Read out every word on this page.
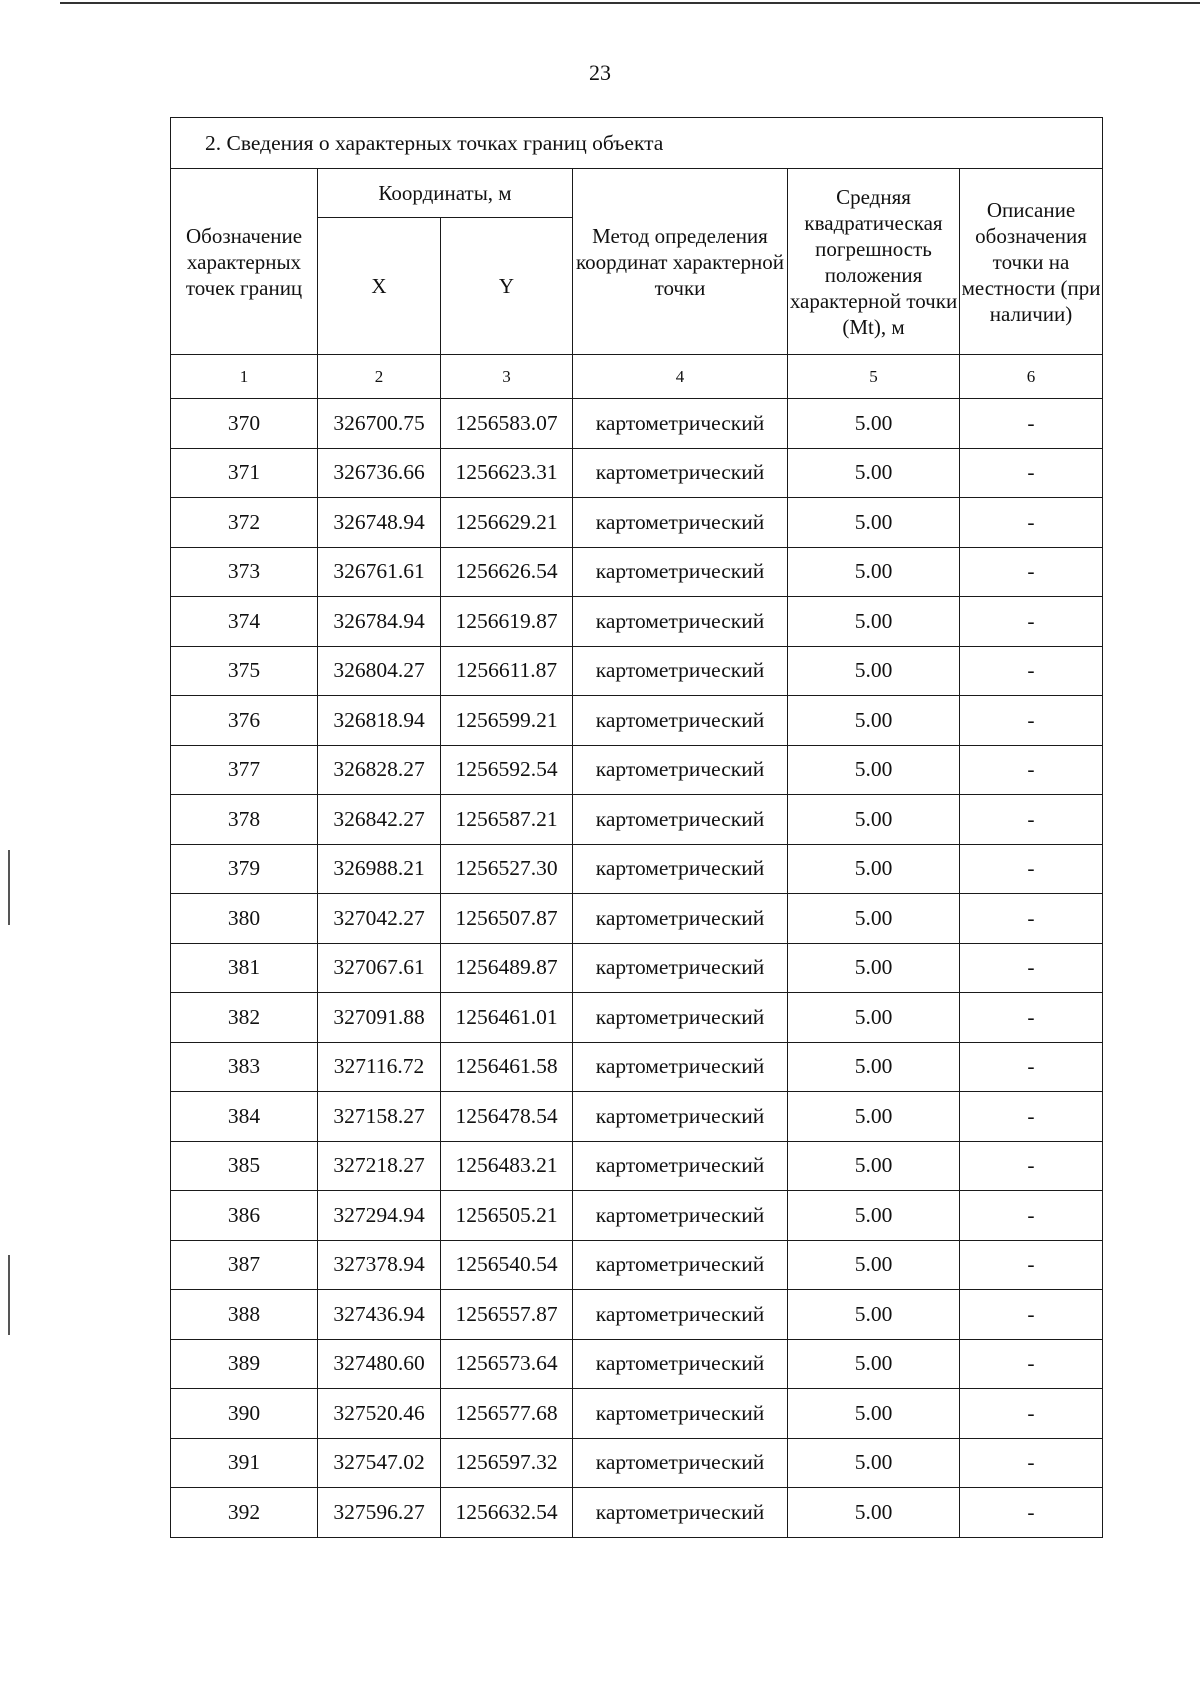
23
2. Сведения о характерных точках границ объекта					
Обозначение характерных точек границ	Координаты, м		Метод определения координат характерной точки	Средняя квадратическая погрешность положения характерной точки (Mt), м	Описание обозначения точки на местности (при наличии)
	X	Y			
1	2	3	4	5	6
370	326700.75	1256583.07	картометрический	5.00	-
371	326736.66	1256623.31	картометрический	5.00	-
372	326748.94	1256629.21	картометрический	5.00	-
373	326761.61	1256626.54	картометрический	5.00	-
374	326784.94	1256619.87	картометрический	5.00	-
375	326804.27	1256611.87	картометрический	5.00	-
376	326818.94	1256599.21	картометрический	5.00	-
377	326828.27	1256592.54	картометрический	5.00	-
378	326842.27	1256587.21	картометрический	5.00	-
379	326988.21	1256527.30	картометрический	5.00	-
380	327042.27	1256507.87	картометрический	5.00	-
381	327067.61	1256489.87	картометрический	5.00	-
382	327091.88	1256461.01	картометрический	5.00	-
383	327116.72	1256461.58	картометрический	5.00	-
384	327158.27	1256478.54	картометрический	5.00	-
385	327218.27	1256483.21	картометрический	5.00	-
386	327294.94	1256505.21	картометрический	5.00	-
387	327378.94	1256540.54	картометрический	5.00	-
388	327436.94	1256557.87	картометрический	5.00	-
389	327480.60	1256573.64	картометрический	5.00	-
390	327520.46	1256577.68	картометрический	5.00	-
391	327547.02	1256597.32	картометрический	5.00	-
392	327596.27	1256632.54	картометрический	5.00	-
